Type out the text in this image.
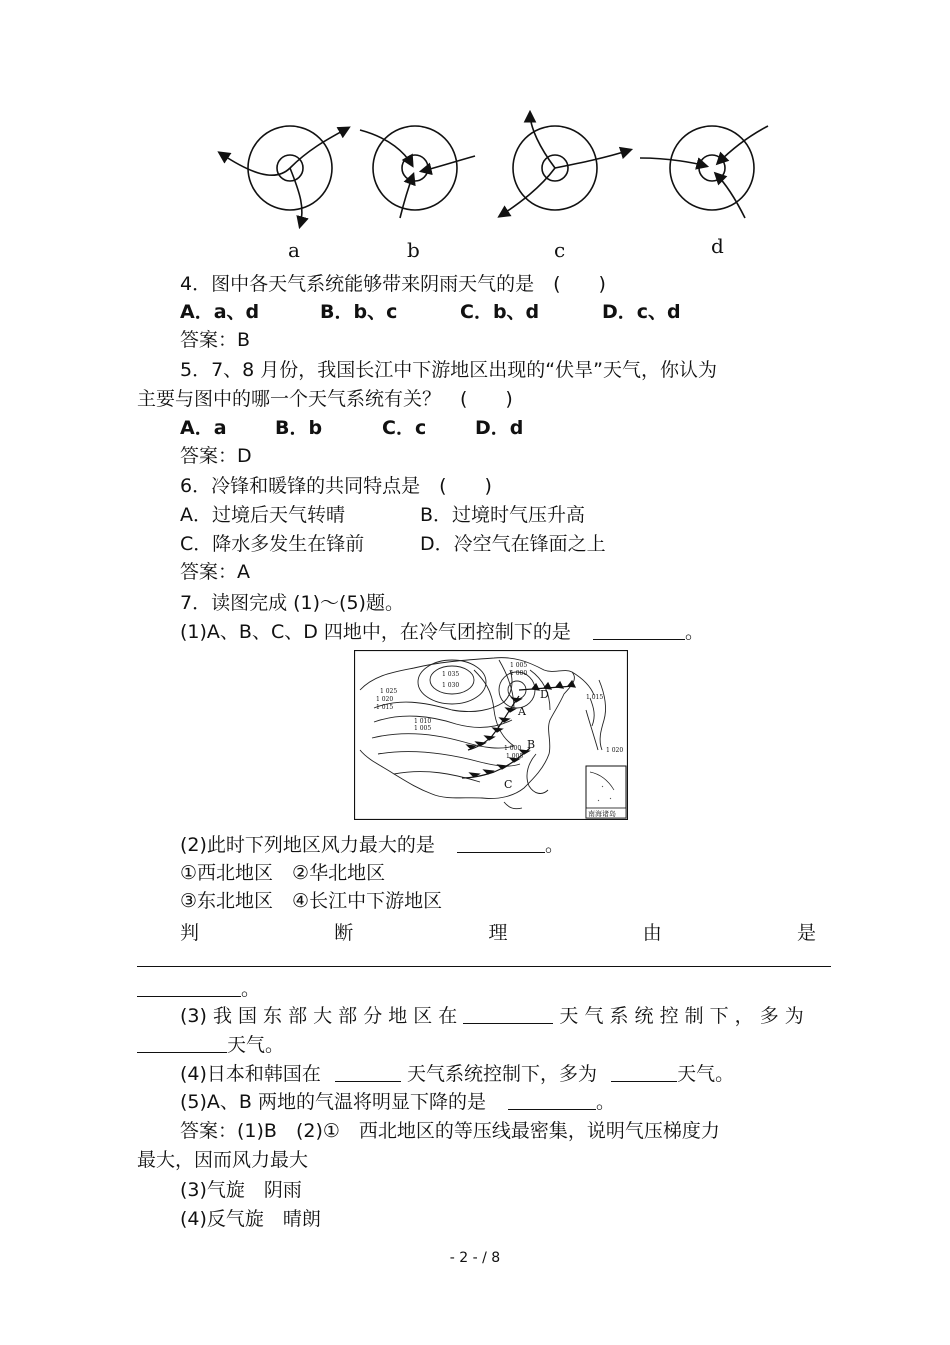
a	b	c	d
4．图中各天气系统能够带来阴雨天气的是　(　　)
A．a、d	B．b、c	C．b、d	D．c、d
答案：B
5．7、8 月份，我国长江中下游地区出现的“伏旱”天气，你认为
主要与图中的哪一个天气系统有关？　(　　)
A．a	B．b	C．c	D．d
答案：D
6．冷锋和暖锋的共同特点是　(　　)
A．过境后天气转晴	B．过境时气压升高
C．降水多发生在锋前	D．冷空气在锋面之上
答案：A
7．读图完成 (1)～(5)题。
(1)A、B、C、D 四地中，在冷气团控制下的是	。
1 025
1 020
1 015
1 010
1 005
1 035
1 030
1 005
1 000
1 015
1 000	1 020
1 005
A
B
C
D
南海诸岛
(2)此时下列地区风力最大的是	。
①西北地区　②华北地区
③东北地区　④长江中下游地区
判	断	理	由	是
。
(3) 我 国 东 部 大 部 分 地 区 在	天 气 系 统 控 制 下 ， 多 为
天气。
(4)日本和韩国在	天气系统控制下，多为	天气。
(5)A、B 两地的气温将明显下降的是	。
答案：(1)B　(2)①　西北地区的等压线最密集，说明气压梯度力
最大，因而风力最大
(3)气旋　阴雨
(4)反气旋　晴朗
- 2 - / 8
